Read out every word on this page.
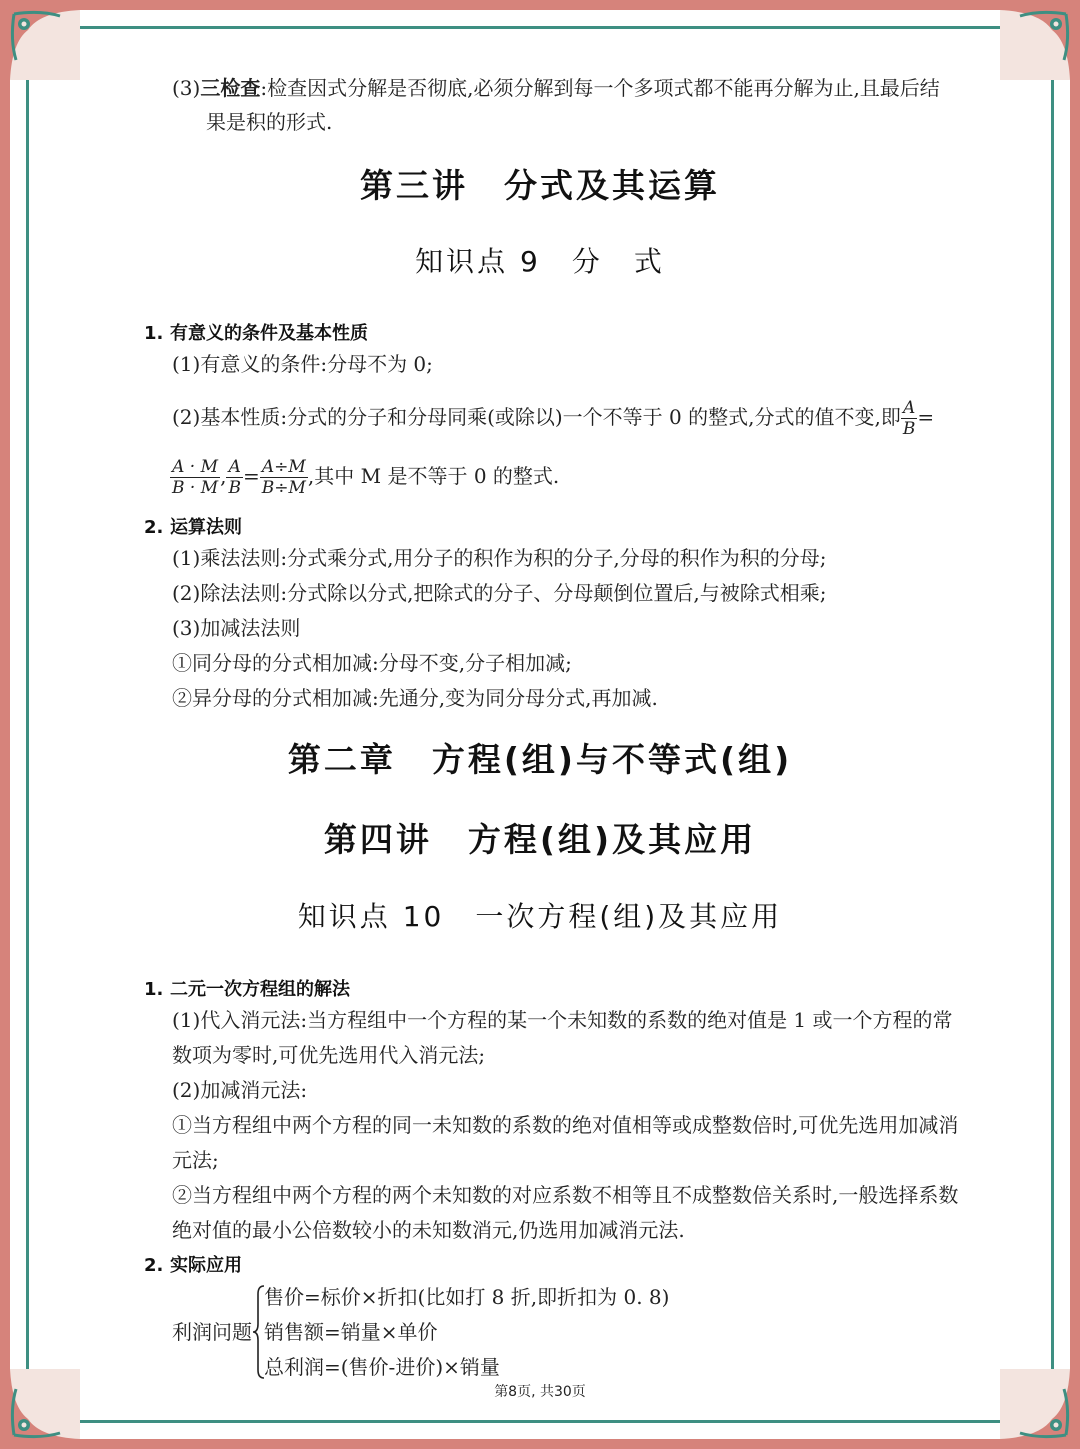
(3)三检查:检查因式分解是否彻底,必须分解到每一个多项式都不能再分解为止,且最后结
果是积的形式.
第三讲　分式及其运算
知识点 9　分　式
1. 有意义的条件及基本性质
(1)有意义的条件:分母不为 0;
(2)基本性质:分式的分子和分母同乘(或除以)一个不等于 0 的整式,分式的值不变,即 $\frac{A}{B}$ =
$\frac{A \cdot M}{B \cdot M}$ , $\frac{A}{B} = \frac{A\div M}{B\div M}$ ,其中 M 是不等于 0 的整式.
2. 运算法则
(1)乘法法则:分式乘分式,用分子的积作为积的分子,分母的积作为积的分母;
(2)除法法则:分式除以分式,把除式的分子、分母颠倒位置后,与被除式相乘;
(3)加减法法则
①同分母的分式相加减:分母不变,分子相加减;
②异分母的分式相加减:先通分,变为同分母分式,再加减.
第二章　方程(组)与不等式(组)
第四讲　方程(组)及其应用
知识点 10　一次方程(组)及其应用
1. 二元一次方程组的解法
(1)代入消元法:当方程组中一个方程的某一个未知数的系数的绝对值是 1 或一个方程的常
数项为零时,可优先选用代入消元法;
(2)加减消元法:
①当方程组中两个方程的同一未知数的系数的绝对值相等或成整数倍时,可优先选用加减消
元法;
②当方程组中两个方程的两个未知数的对应系数不相等且不成整数倍关系时,一般选择系数
绝对值的最小公倍数较小的未知数消元,仍选用加减消元法.
2. 实际应用
利润问题
售价=标价×折扣(比如打 8 折,即折扣为 0. 8)
销售额=销量×单价
总利润=(售价-进价)×销量
第8页, 共30页
